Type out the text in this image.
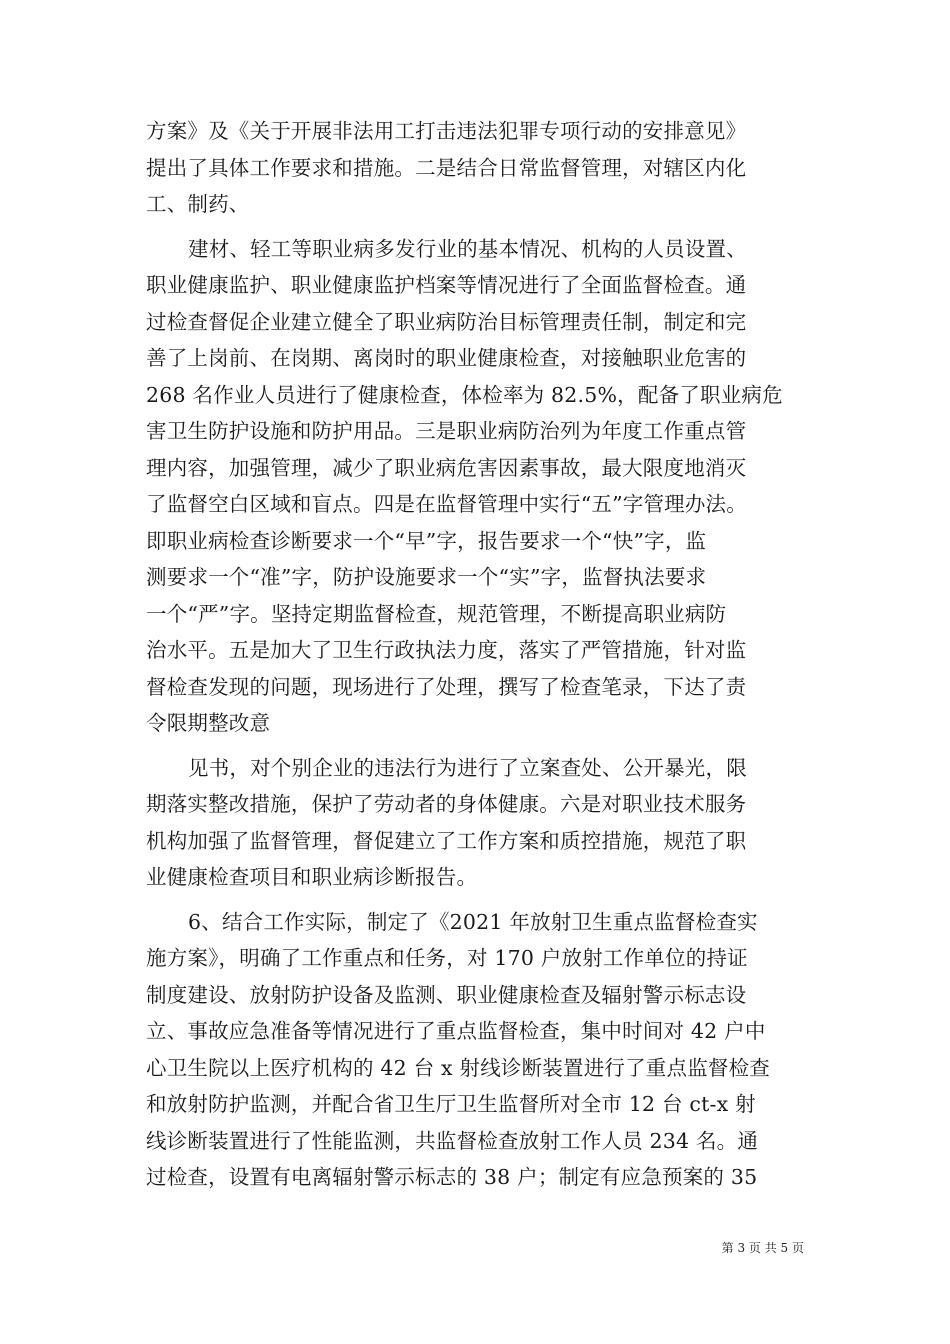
方案》及《关于开展非法用工打击违法犯罪专项行动的安排意见》
提出了具体工作要求和措施。二是结合日常监督管理，对辖区内化
工、制药、
建材、轻工等职业病多发行业的基本情况、机构的人员设置、
职业健康监护、职业健康监护档案等情况进行了全面监督检查。通
过检查督促企业建立健全了职业病防治目标管理责任制，制定和完
善了上岗前、在岗期、离岗时的职业健康检查，对接触职业危害的
268 名作业人员进行了健康检查，体检率为 82.5%，配备了职业病危
害卫生防护设施和防护用品。三是职业病防治列为年度工作重点管
理内容，加强管理，减少了职业病危害因素事故，最大限度地消灭
了监督空白区域和盲点。四是在监督管理中实行“五”字管理办法。
即职业病检查诊断要求一个“早”字，报告要求一个“快”字，监
测要求一个“准”字，防护设施要求一个“实”字，监督执法要求
一个“严”字。坚持定期监督检查，规范管理，不断提高职业病防
治水平。五是加大了卫生行政执法力度，落实了严管措施，针对监
督检查发现的问题，现场进行了处理，撰写了检查笔录，下达了责
令限期整改意
见书，对个别企业的违法行为进行了立案查处、公开暴光，限
期落实整改措施，保护了劳动者的身体健康。六是对职业技术服务
机构加强了监督管理，督促建立了工作方案和质控措施，规范了职
业健康检查项目和职业病诊断报告。
6、结合工作实际，制定了《2021 年放射卫生重点监督检查实
施方案》，明确了工作重点和任务，对 170 户放射工作单位的持证
制度建设、放射防护设备及监测、职业健康检查及辐射警示标志设
立、事故应急准备等情况进行了重点监督检查，集中时间对 42 户中
心卫生院以上医疗机构的 42 台 x 射线诊断装置进行了重点监督检查
和放射防护监测，并配合省卫生厅卫生监督所对全市 12 台 ct-x 射
线诊断装置进行了性能监测，共监督检查放射工作人员 234 名。通
过检查，设置有电离辐射警示标志的 38 户；制定有应急预案的 35
第 3 页 共 5 页
